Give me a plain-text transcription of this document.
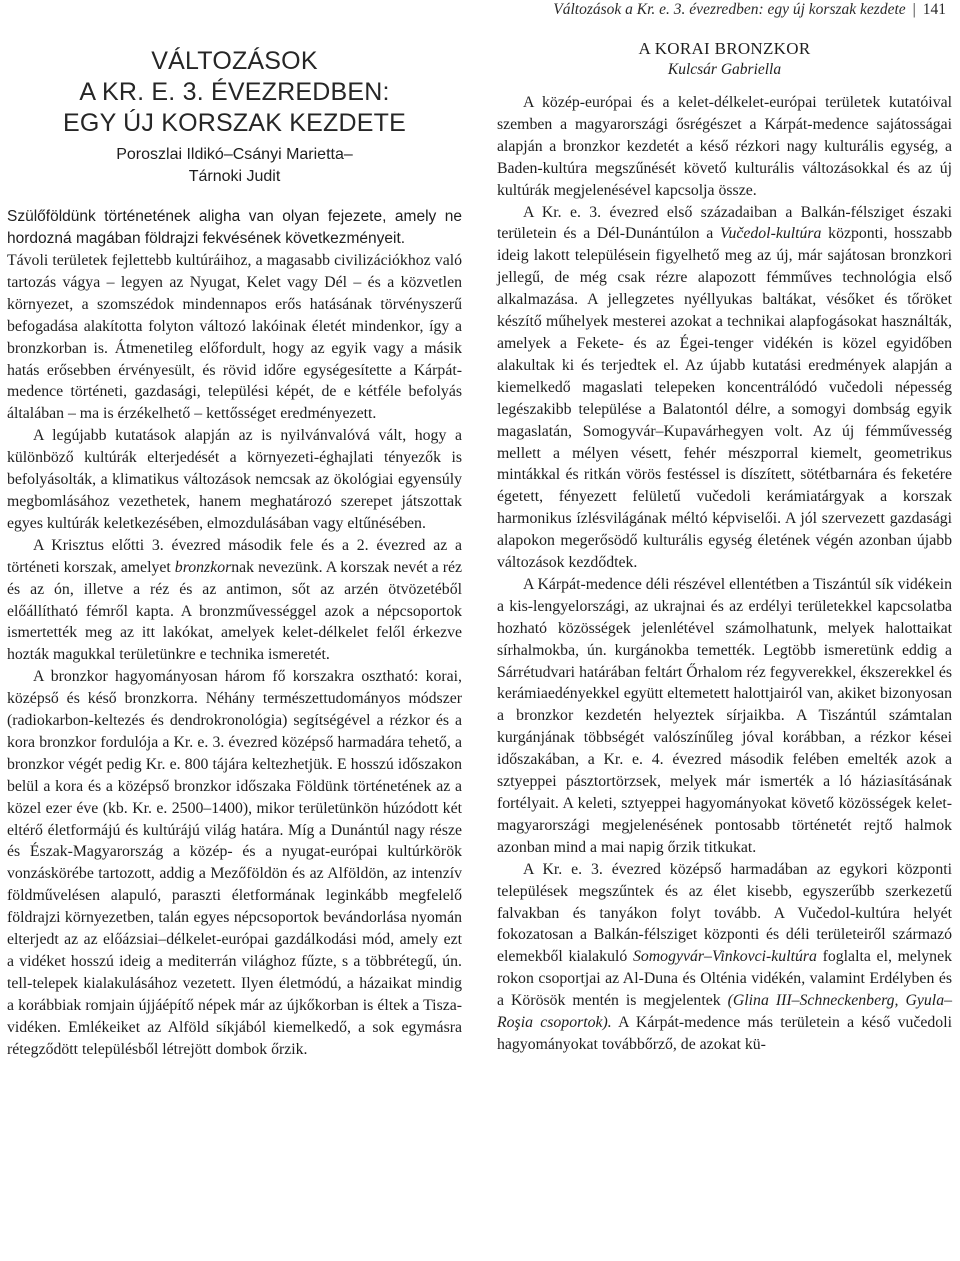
Változások a Kr. e. 3. évezredben: egy új korszak kezdete | 141
VÁLTOZÁSOK
A KR. E. 3. ÉVEZREDBEN:
EGY ÚJ KORSZAK KEZDETE
Poroszlai Ildikó–Csányi Marietta–
Tárnoki Judit
Szülőföldünk történetének aligha van olyan fejezete, amely ne hordozná magában földrajzi fekvésének következményeit.

Távoli területek fejlettebb kultúráihoz, a magasabb civilizációkhoz való tartozás vágya – legyen az Nyugat, Kelet vagy Dél – és a közvetlen környezet, a szomszédok mindennapos erős hatásának törvényszerű befogadása alakította folyton változó lakóinak életét mindenkor, így a bronzkorban is. Átmenetileg előfordult, hogy az egyik vagy a másik hatás erősebben érvényesült, és rövid időre egységesítette a Kárpát-medence történeti, gazdasági, települési képét, de e kétféle befolyás általában – ma is érzékelhető – kettősséget eredményezett.

A legújabb kutatások alapján az is nyilvánvalóvá vált, hogy a különböző kultúrák elterjedését a környezeti-éghajlati tényezők is befolyásolták, a klimatikus változások nemcsak az ökológiai egyensúly megbomlásához vezethetek, hanem meghatározó szerepet játszottak egyes kultúrák keletkezésében, elmozdulásában vagy eltűnésében.

A Krisztus előtti 3. évezred második fele és a 2. évezred az a történeti korszak, amelyet bronzkornak nevezünk. A korszak nevét a réz és az ón, illetve a réz és az antimon, sőt az arzén ötvözetéből előállítható fémről kapta. A bronzművességgel azok a népcsoportok ismertették meg az itt lakókat, amelyek kelet-délkelet felől érkezve hozták magukkal területünkre e technika ismeretét.

A bronzkor hagyományosan három fő korszakra osztható: korai, középső és késő bronzkorra. Néhány természettudományos módszer (radiokarbon-keltezés és dendrokronológia) segítségével a rézkor és a kora bronzkor fordulója a Kr. e. 3. évezred középső harmadára tehető, a bronzkor végét pedig Kr. e. 800 tájára keltezhetjük. E hosszú időszakon belül a kora és a középső bronzkor időszaka Földünk történetének az a közel ezer éve (kb. Kr. e. 2500–1400), mikor területünkön húzódott két eltérő életformájú és kultúrájú világ határa. Míg a Dunántúl nagy része és Észak-Magyarország a közép- és a nyugat-európai kultúrkörök vonzáskörébe tartozott, addig a Mezőföldön és az Alföldön, az intenzív földművelésen alapuló, paraszti életformának leginkább megfelelő földrajzi környezetben, talán egyes népcsoportok bevándorlása nyomán elterjedt az az előázsiai–délkelet-európai gazdálkodási mód, amely ezt a vidéket hosszú ideig a mediterrán világhoz fűzte, s a többrétegű, ún. tell-telepek kialakulásához vezetett. Ilyen életmódú, a házaikat mindig a korábbiak romjain újjáépítő népek már az újkőkorban is éltek a Tisza-vidéken. Emlékeiket az Alföld síkjából kiemelkedő, a sok egymásra rétegződött településből létrejött dombok őrzik.

A KORAI BRONZKOR
Kulcsár Gabriella

A közép-európai és a kelet-délkelet-európai területek kutatóival szemben a magyarországi ősrégészet a Kárpát-medence sajátosságai alapján a bronzkor kezdetét a késő rézkori nagy kulturális egység, a Baden-kultúra megszűnését követő kulturális változásokkal és az új kultúrák megjelenésével kapcsolja össze.

A Kr. e. 3. évezred első századaiban a Balkán-félsziget északi területein és a Dél-Dunántúlon a Vučedol-kultúra központi, hosszabb ideig lakott településein figyelhető meg az új, már sajátosan bronzkori jellegű, de még csak rézre alapozott fémműves technológia első alkalmazása. A jellegzetes nyéllyukas baltákat, vésőket és tőröket készítő műhelyek mesterei azokat a technikai alapfogásokat használták, amelyek a Fekete- és az Égei-tenger vidékén is közel egyidőben alakultak ki és terjedtek el. Az újabb kutatási eredmények alapján a kiemelkedő magaslati telepeken koncentrálódó vučedoli népesség legészakibb települése a Balatontól délre, a somogyi dombság egyik magaslatán, Somogyvár–Kupavárhegyen volt. Az új fémművesség mellett a mélyen vésett, fehér mészporral kiemelt, geometrikus mintákkal és ritkán vörös festéssel is díszített, sötétbarnára és feketére égetett, fényezett felületű vučedoli kerámiatárgyak a korszak harmonikus ízlésvilágának méltó képviselői. A jól szervezett gazdasági alapokon megerősödő kulturális egység életének végén azonban újabb változások kezdődtek.

A Kárpát-medence déli részével ellentétben a Tiszántúl sík vidékein a kis-lengyelországi, az ukrajnai és az erdélyi területekkel kapcsolatba hozható közösségek jelenlétével számolhatunk, melyek halottaikat sírhalmokba, ún. kurgánokba temették. Legtöbb ismeretünk eddig a Sárrétudvari határában feltárt Őrhalom réz fegyverekkel, ékszerekkel és kerámiaedényekkel együtt eltemetett halottjairól van, akiket bizonyosan a bronzkor kezdetén helyeztek sírjaikba. A Tiszántúl számtalan kurgánjának többségét valószínűleg jóval korábban, a rézkor kései időszakában, a Kr. e. 4. évezred második felében emelték azok a sztyeppei pásztortörzsek, melyek már ismerték a ló háziasításának fortélyait. A keleti, sztyeppei hagyományokat követő közösségek kelet-magyarországi megjelenésének pontosabb történetét rejtő halmok azonban mind a mai napig őrzik titkukat.

A Kr. e. 3. évezred középső harmadában az egykori központi települések megszűntek és az élet kisebb, egyszerűbb szerkezetű falvakban és tanyákon folyt tovább. A Vučedol-kultúra helyét fokozatosan a Balkán-félsziget központi és déli területeiről származó elemekből kialakuló Somogyvár–Vinkovci-kultúra foglalta el, melynek rokon csoportjai az Al-Duna és Olténia vidékén, valamint Erdélyben és a Körösök mentén is megjelentek (Glina III–Schneckenberg, Gyula–Roşia csoportok). A Kárpát-medence más területein a késő vučedoli hagyományokat továbbőrző, de azokat kü-
